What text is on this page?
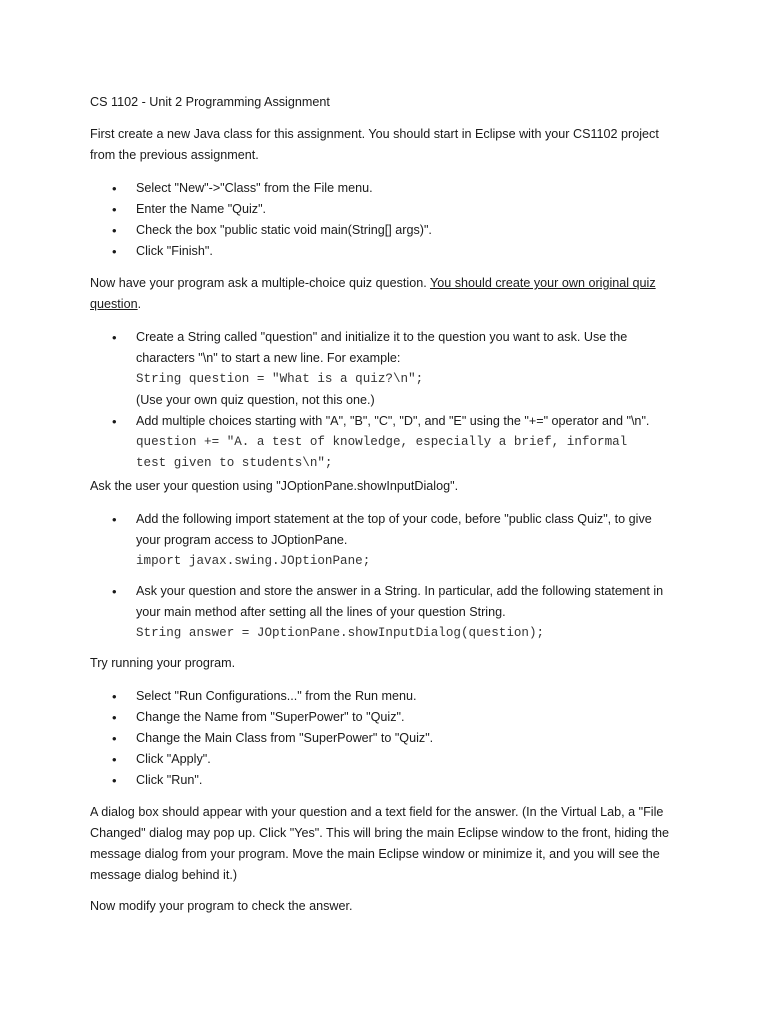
CS 1102 - Unit 2 Programming Assignment

First create a new Java class for this assignment. You should start in Eclipse with your CS1102 project
from the previous assignment.

• Select "New"->"Class" from the File menu.
• Enter the Name "Quiz".
• Check the box "public static void main(String[] args)".
• Click "Finish".

Now have your program ask a multiple-choice quiz question. You should create your own original quiz
question.

• Create a String called "question" and initialize it to the question you want to ask. Use the
characters "\n" to start a new line. For example:
String question = "What is a quiz?\n";
(Use your own quiz question, not this one.)
• Add multiple choices starting with "A", "B", "C", "D", and "E" using the "+=" operator and "\n".
question += "A. a test of knowledge, especially a brief, informal
test given to students\n";

Ask the user your question using "JOptionPane.showInputDialog".

• Add the following import statement at the top of your code, before "public class Quiz", to give
your program access to JOptionPane.
import javax.swing.JOptionPane;
• Ask your question and store the answer in a String. In particular, add the following statement in
your main method after setting all the lines of your question String.
String answer = JOptionPane.showInputDialog(question);

Try running your program.

• Select "Run Configurations..." from the Run menu.
• Change the Name from "SuperPower" to "Quiz".
• Change the Main Class from "SuperPower" to "Quiz".
• Click "Apply".
• Click "Run".

A dialog box should appear with your question and a text field for the answer. (In the Virtual Lab, a "File
Changed" dialog may pop up. Click "Yes". This will bring the main Eclipse window to the front, hiding the
message dialog from your program. Move the main Eclipse window or minimize it, and you will see the
message dialog behind it.)

Now modify your program to check the answer.
